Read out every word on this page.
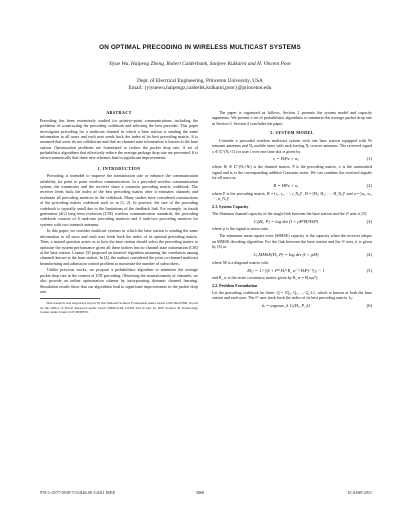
ON OPTIMAL PRECODING IN WIRELESS MULTICAST SYSTEMS
Yiyue Wu, Haipeng Zheng, Robert Calderbank, Sanjeev Kulkarni and H. Vincent Poor
Dept. of Electrical Engineering, Princeton University, USA
Email: {yiyuewu,haipengz,calderbk,kulkarni,poor}@princeton.edu
ABSTRACT

Precoding has been extensively studied for point-to-point communications, including the problems of constructing the precoding codebook and selecting the best precoder. This paper investigates precoding for a multicast channel in which a base station is sending the same information to all users and each user sends back the index of its best precoding matrix. It is assumed that users do not collaborate and that no channel state information is known at the base station. Optimization problems are formulated to reduce the packet drop rate. A set of probabilistic algorithms that effectively reduce the average package drop rate are presented. It is shown numerically that these new schemes lead to significant improvements.

1. INTRODUCTION

Precoding is intended to improve the transmission rate or enhance the communication reliability for point to point wireless communication. In a precoded wireless communication system, the transmitter and the receiver share a common precoding matrix codebook. The receiver feeds back the index of the best precoding matrix after it estimates channels and evaluates all precoding matrices in the codebook. Many studies have considered constructions of the precoding matrix codebook such as in [1, 2]. In practice, the size of the precoding codebook is typically small due to the limitations of the feedback link. For example, in fourth generation (4G) long term evolution (LTE) wireless communication standards, the precoding codebook consists of 6 rank-one precoding matrices and 3 rank-two precoding matrices for systems with two transmit antennas.

In this paper, we consider multicast systems in which the base station is sending the same information to all users and each user feeds back the index of its optimal precoding matrix. Then, a natural question arises as to how the base station should select the precoding matrix to optimize the system performance given all these indices but no channel state information (CSI) at the base station. Lozano [3] proposed an iterative algorithm assuming the correlation among channels known at the base station. In [4], the authors considered the joint co-channel multicast beamforming and admission control problem to maximize the number of subscribers.

Unlike previous works, we propose a probabilistic algorithm to minimize the average packet drop rate in the context of LTE precoding. Observing the nonstationarity of channels, we also provide an online optimization scheme by incorporating dynamic channel learning. Simulation results show that our algorithms lead to significant improvements in the packet drop rate.

This research was supported in part by the National Science Foundation under Grant CNS-09-05398, in part by the Office of Naval Research under Grant N00014-09-1-0342 and in part by NSF Science & Technology Center under Grant CCF-0939370.

The paper is organized as follows. Section 2 presents the system model and capacity arguments. We present a set of probabilistic algorithms to minimize the average packet drop rate in Section 3. Section 4 concludes the paper.

2. SYSTEM MODEL

Consider a precoded wireless multicast system with one base station equipped with Nₜ transmit antennas and Nᵤ mobile users with each having Nᵣ receive antennas. The received signal rᵢ ∈ ℂ^(Nᵣ×1) for user i over one time slot is given by

rᵢ = HᵢPx + nᵢ,	(1)

where Hᵢ ∈ ℂ^(Nᵣ×Nₜ) is the channel matrix, P is the precoding matrix, x is the transmitted signal and nᵢ is the corresponding additive Gaussian noise. We can combine the received signals for all users as

R = HPx + n,	(2)

where P is the precoding matrix, R = [r₁, r₂, ···, r_Nᵤ]ᵀ, H = [H₁, H₂, ···, H_Nᵤ]ᵀ and n = [n₁, n₂, ···, n_Nᵤ]ᵀ.

2.1. System Capacity

The Shannon channel capacity of the single link between the base station and the iᵗʰ user is [5]

Cᵢ(Hᵢ, P) = log det (I + ρPᴴHᵢᴴHᵢP)	(3)

where ρ is the signal to noise ratio.

The minimum mean square error (MMSE) capacity is the capacity when the receiver adopts an MMSE decoding algorithm. For the link between the base station and the iᵗʰ user, it is given by [6] as

Cᵢ,MMSE(Hᵢ, P) = log det (I + ρM)	(4)

where M is a diagonal matrix with

Mⱼⱼ = 1 / [(I + Pᴴ Hᵢᴴ R_w⁻¹ HᵢP)⁻¹]ⱼⱼ − 1	(5)

and R_w is the noise covariance matrix given by R_w = E[nᵢnᵢᴴ].

2.2. Problem Formulation

Let the precoding codebook be finite: Q = {Q₁, Q₂, ..., Q_L}, which is known at both the base station and each user. The iᵗʰ user feeds back the index of its best precoding matrix, kᵢ:

kᵢ = argmax_k Cᵢ(Hᵢ, P_k)	(6)
978-1-4577-0539-7/11/$26.00 ©2011 IEEE	3068	ICASSP 2011
